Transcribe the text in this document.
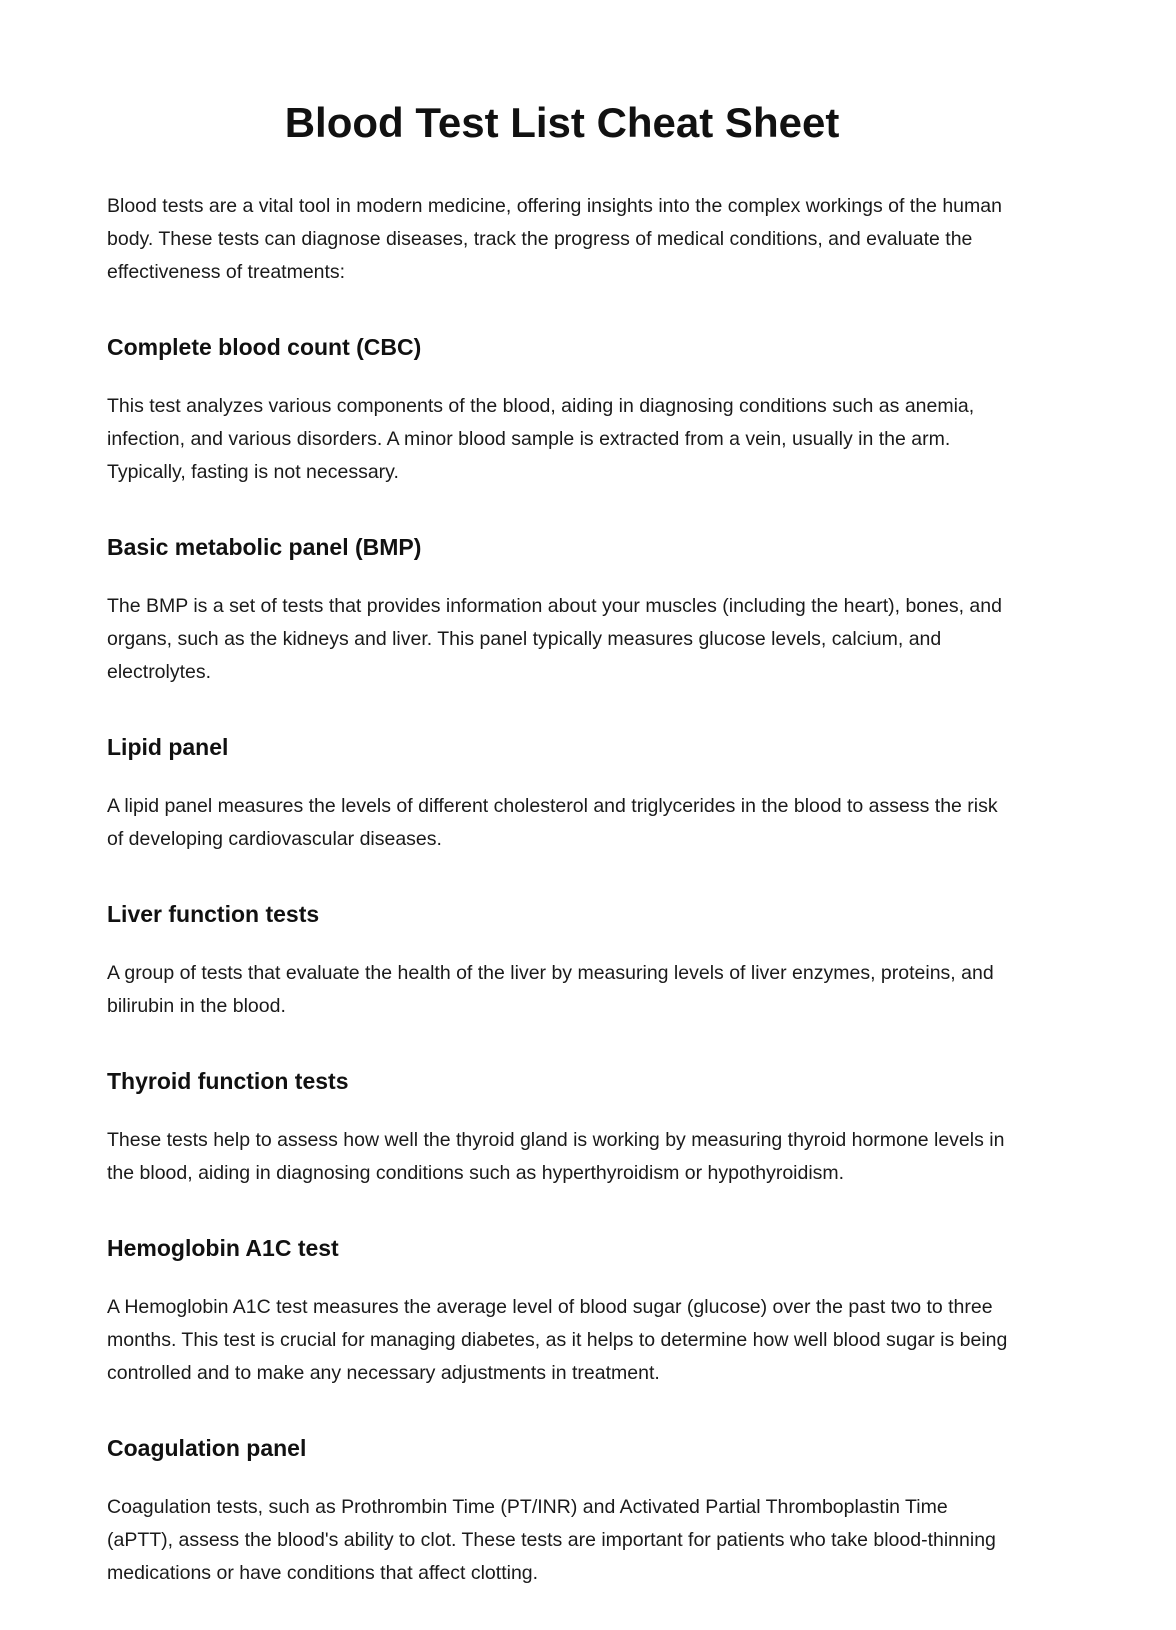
Blood Test List Cheat Sheet

Blood tests are a vital tool in modern medicine, offering insights into the complex workings of the human body. These tests can diagnose diseases, track the progress of medical conditions, and evaluate the effectiveness of treatments:

Complete blood count (CBC)

This test analyzes various components of the blood, aiding in diagnosing conditions such as anemia, infection, and various disorders. A minor blood sample is extracted from a vein, usually in the arm. Typically, fasting is not necessary.

Basic metabolic panel (BMP)

The BMP is a set of tests that provides information about your muscles (including the heart), bones, and organs, such as the kidneys and liver. This panel typically measures glucose levels, calcium, and electrolytes.

Lipid panel

A lipid panel measures the levels of different cholesterol and triglycerides in the blood to assess the risk of developing cardiovascular diseases.

Liver function tests

A group of tests that evaluate the health of the liver by measuring levels of liver enzymes, proteins, and bilirubin in the blood.

Thyroid function tests

These tests help to assess how well the thyroid gland is working by measuring thyroid hormone levels in the blood, aiding in diagnosing conditions such as hyperthyroidism or hypothyroidism.

Hemoglobin A1C test

A Hemoglobin A1C test measures the average level of blood sugar (glucose) over the past two to three months. This test is crucial for managing diabetes, as it helps to determine how well blood sugar is being controlled and to make any necessary adjustments in treatment.

Coagulation panel

Coagulation tests, such as Prothrombin Time (PT/INR) and Activated Partial Thromboplastin Time (aPTT), assess the blood's ability to clot. These tests are important for patients who take blood-thinning medications or have conditions that affect clotting.
